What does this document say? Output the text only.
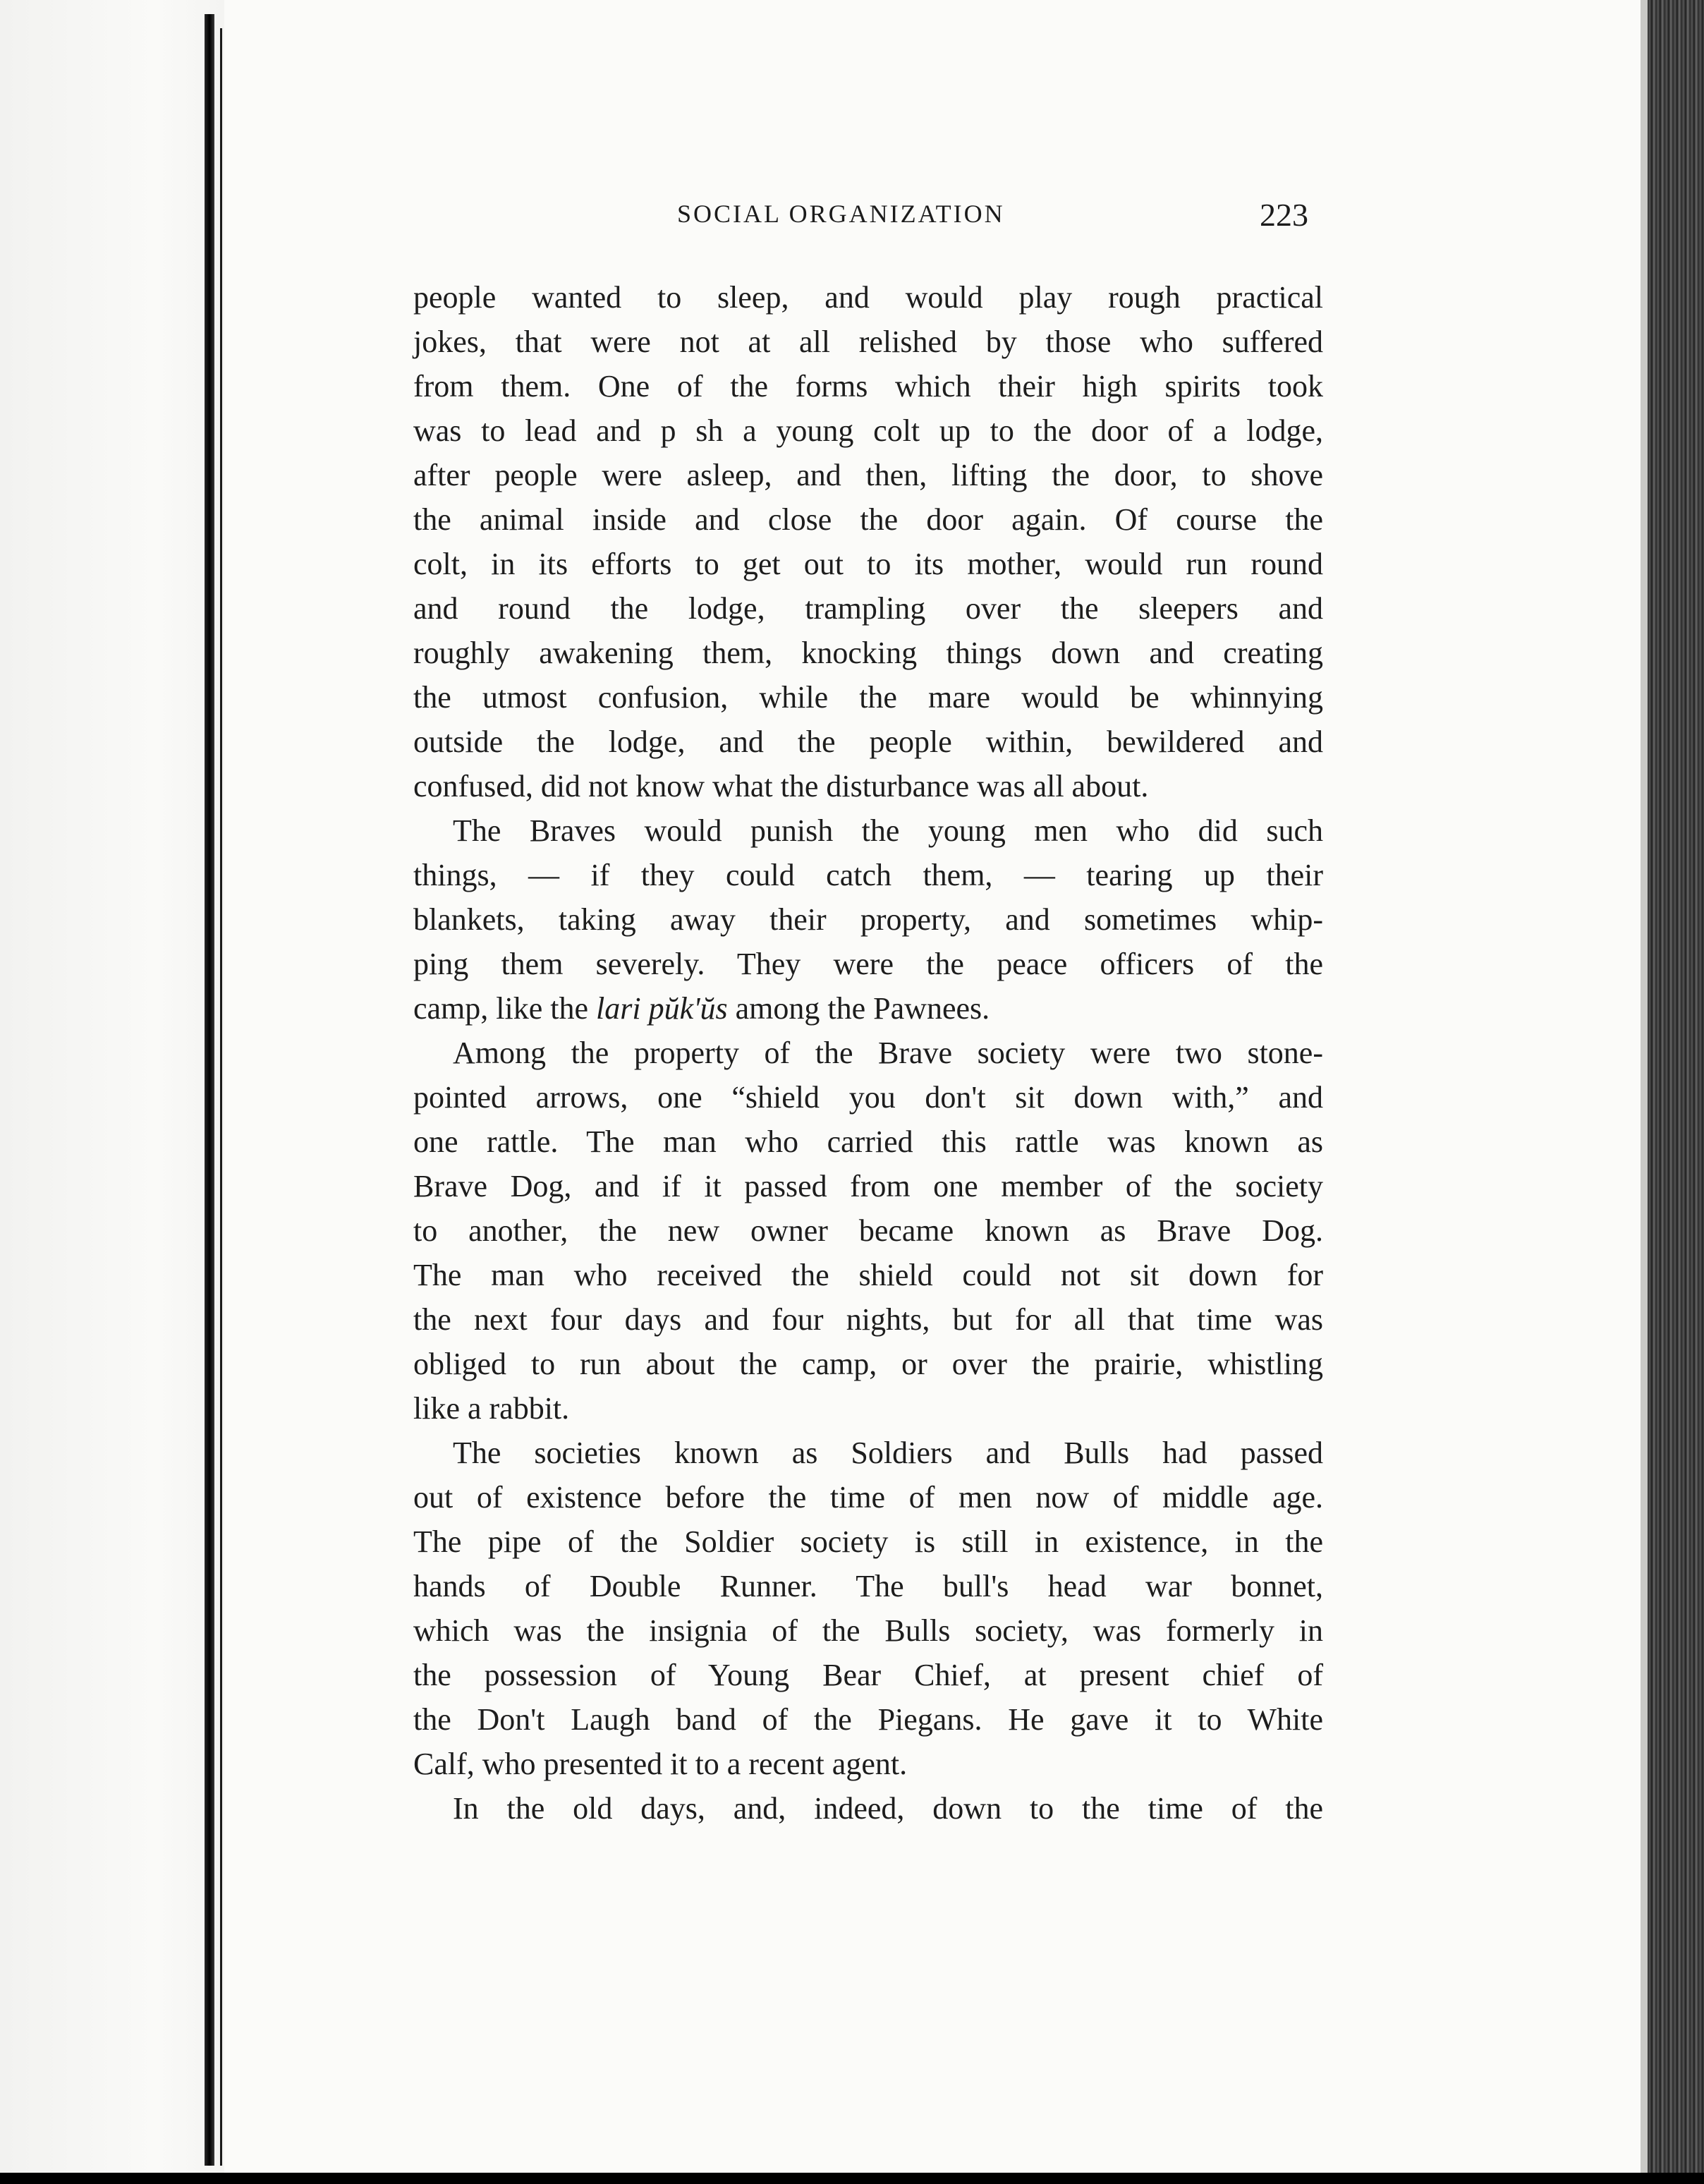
SOCIAL ORGANIZATION	223
people wanted to sleep, and would play rough practical
jokes, that were not at all relished by those who suffered
from them. One of the forms which their high spirits took
was to lead and p sh a young colt up to the door of a lodge,
after people were asleep, and then, lifting the door, to shove
the animal inside and close the door again. Of course the
colt, in its efforts to get out to its mother, would run round
and round the lodge, trampling over the sleepers and
roughly awakening them, knocking things down and creating
the utmost confusion, while the mare would be whinnying
outside the lodge, and the people within, bewildered and
confused, did not know what the disturbance was all about.
The Braves would punish the young men who did such
things, — if they could catch them, — tearing up their
blankets, taking away their property, and sometimes whip-
ping them severely. They were the peace officers of the
camp, like the lari pŭk'ŭs among the Pawnees.
Among the property of the Brave society were two stone-
pointed arrows, one “shield you don't sit down with,” and
one rattle. The man who carried this rattle was known as
Brave Dog, and if it passed from one member of the society
to another, the new owner became known as Brave Dog.
The man who received the shield could not sit down for
the next four days and four nights, but for all that time was
obliged to run about the camp, or over the prairie, whistling
like a rabbit.
The societies known as Soldiers and Bulls had passed
out of existence before the time of men now of middle age.
The pipe of the Soldier society is still in existence, in the
hands of Double Runner. The bull's head war bonnet,
which was the insignia of the Bulls society, was formerly in
the possession of Young Bear Chief, at present chief of
the Don't Laugh band of the Piegans. He gave it to White
Calf, who presented it to a recent agent.
In the old days, and, indeed, down to the time of the
